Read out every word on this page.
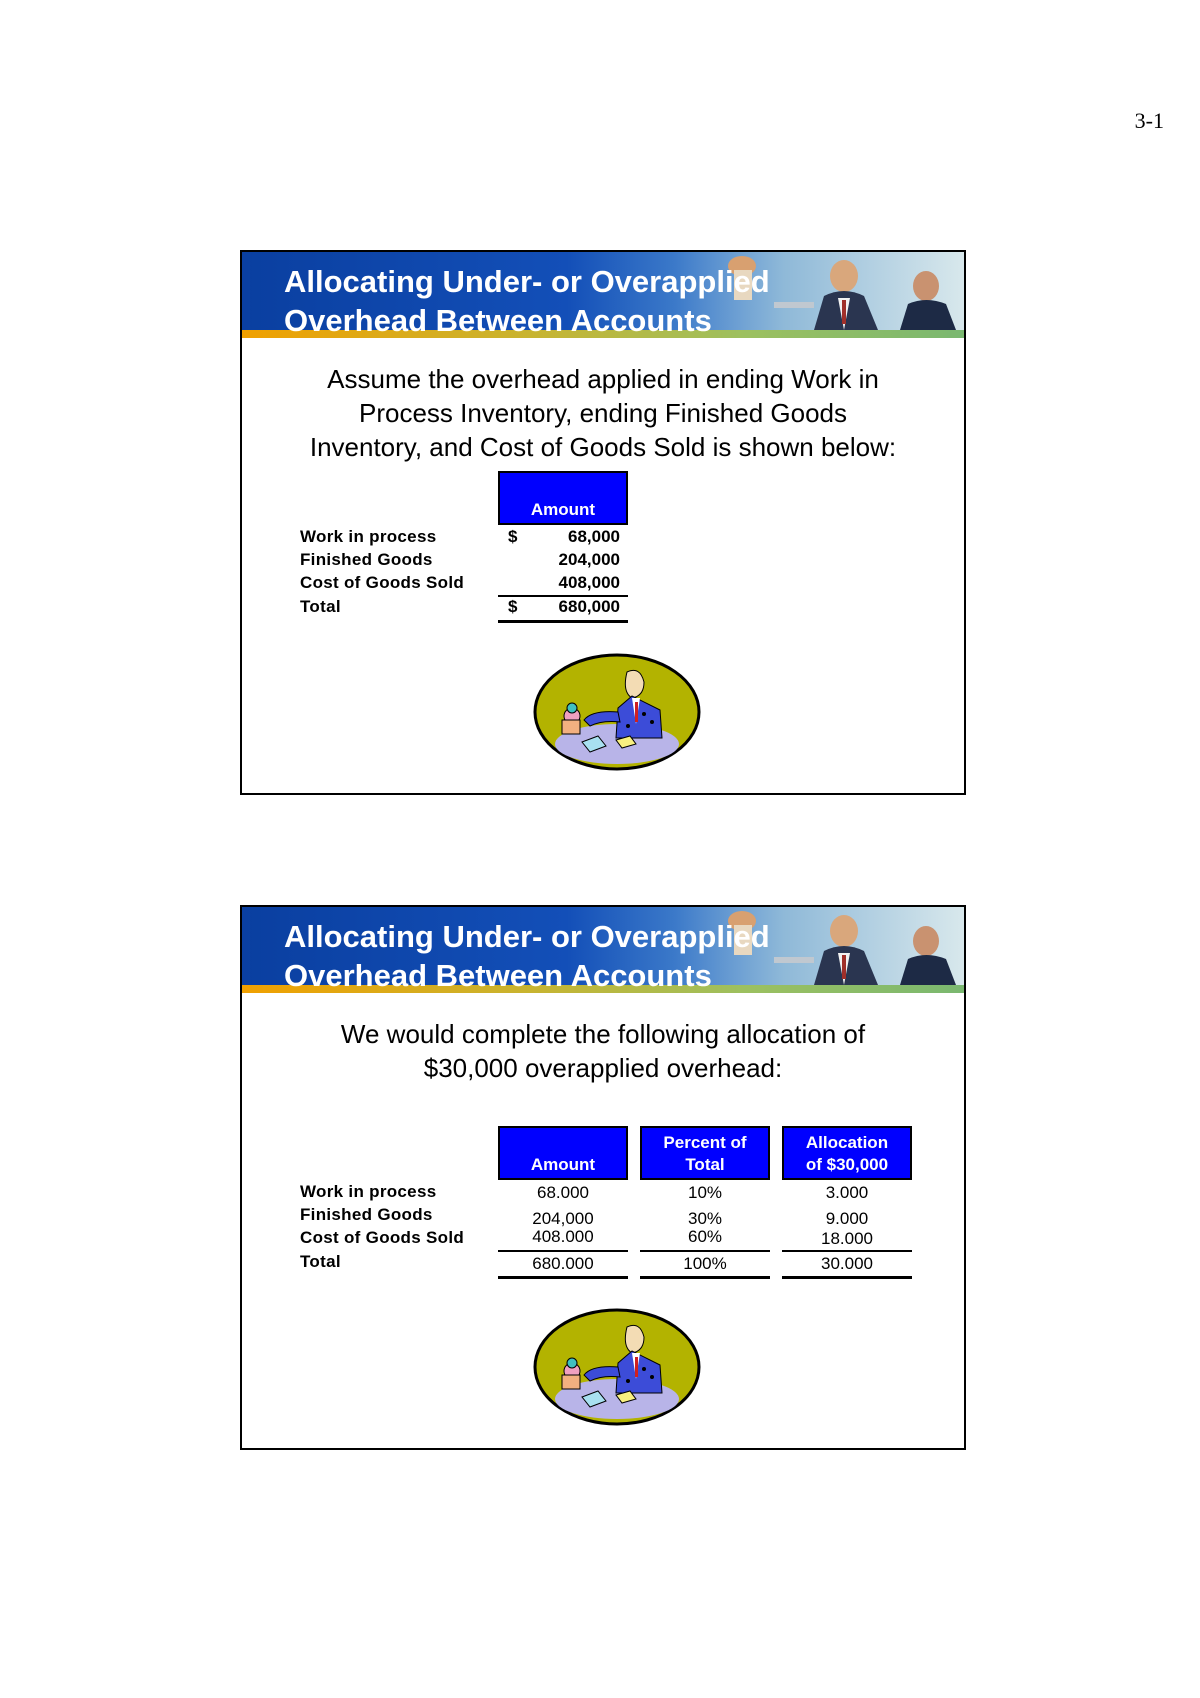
3-1
Allocating Under- or Overapplied
Overhead Between Accounts
Assume the overhead applied in ending Work in
Process Inventory, ending Finished Goods
Inventory, and Cost of Goods Sold is shown below:
Amount
Work in process	$	68,000
Finished Goods	204,000
Cost of Goods Sold	408,000
Total	$	680,000
Allocating Under- or Overapplied
Overhead Between Accounts
We would complete the following allocation of
$30,000 overapplied overhead:
Amount
Percent of
Total
Allocation
of $30,000
Work in process	68.000	10%	3.000
Finished Goods	204,000	30%	9.000
Cost of Goods Sold	408.000	60%	18.000
Total	680.000	100%	30.000
